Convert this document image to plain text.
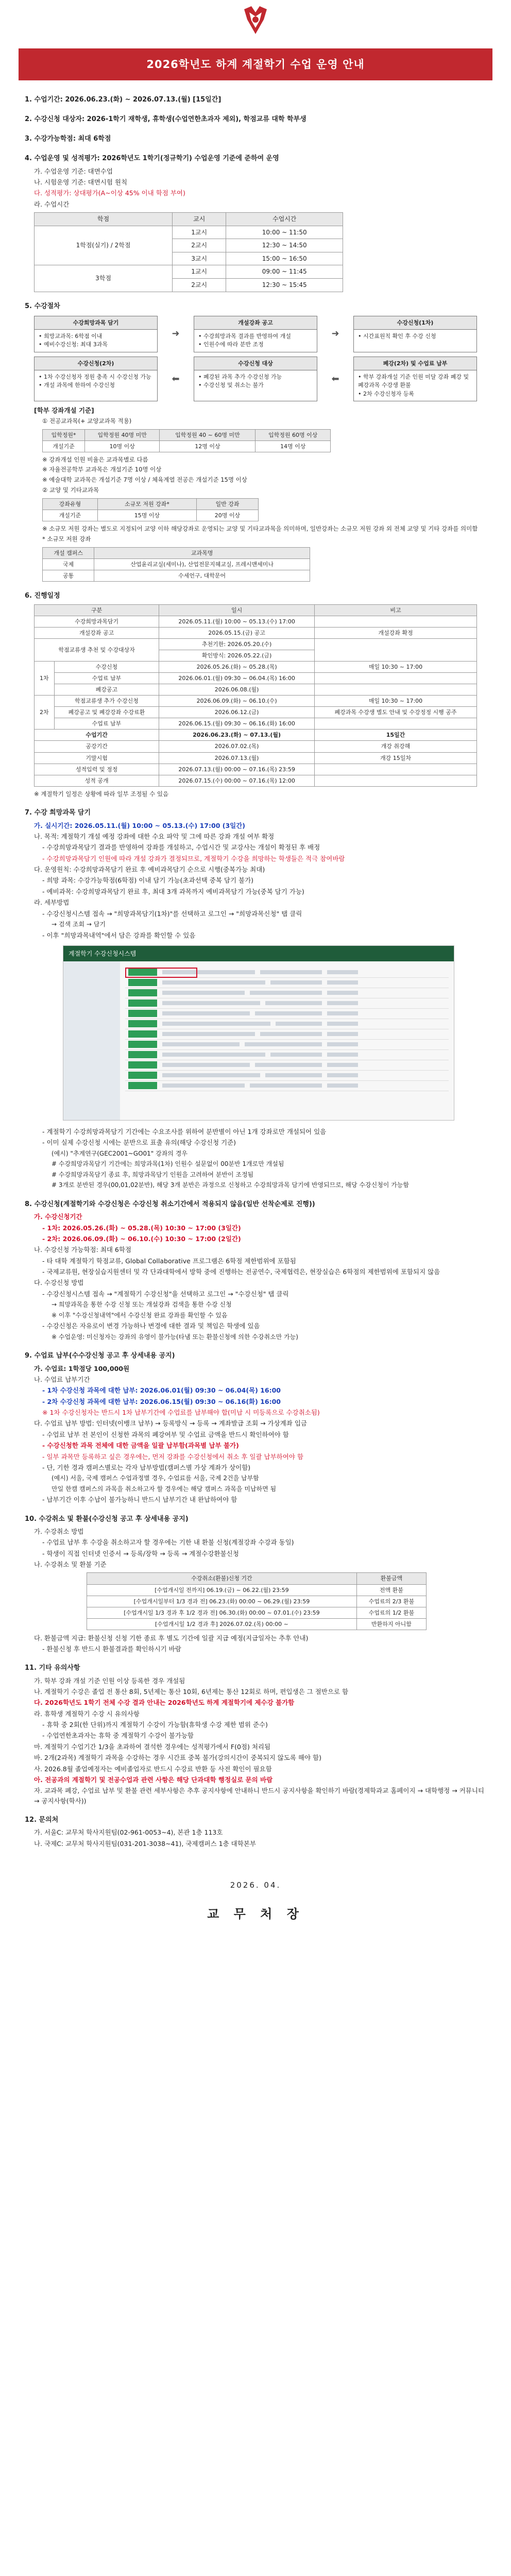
2026학년도 하계 계절학기 수업 운영 안내
1. 수업기간: 2026.06.23.(화) ~ 2026.07.13.(월) [15일간]
2. 수강신청 대상자: 2026-1학기 재학생, 휴학생(수업연한초과자 제외), 학점교류 대학 학부생
3. 수강가능학점: 최대 6학점
4. 수업운영 및 성적평가: 2026학년도 1학기(정규학기) 수업운영 기준에 준하여 운영
가. 수업운영 기준: 대면수업
나. 시험운영 기준: 대면시험 원칙
다. 성적평가: 상대평가(A~이상 45% 이내 학점 부여)
라. 수업시간
학점	교시	수업시간
1학점(실기) / 2학점	1교시	10:00 ~ 11:50
	2교시	12:30 ~ 14:50
	3교시	15:00 ~ 16:50
3학점	1교시	09:00 ~ 11:45
	2교시	12:30 ~ 15:45
5. 수강절차
수강희망과목 담기
• 희망교과목: 6학점 이내
• 예비수강신청: 최대 3과목
➜
개설강좌 공고
• 수강희망과목 결과를 반영하여 개설
• 인원수에 따라 분반 조정
➜
수강신청(1차)
• 시간표원칙 확인 후 수강 신청
수강신청(2차)
• 1차 수강신청자 정원 충족 시 수강신청 가능
• 개설 과목에 한하여 수강신청
⬅
수강신청 대상
• 폐강된 과목 추가 수강신청 가능
• 수강신청 및 취소는 불가
⬅
폐강(2차) 및 수업료 납부
• 학부 강좌개설 기준 인원 미달 강좌 폐강 및 폐강과목 수강생 환불
• 2차 수강신청자 등록
[학부 강좌개설 기준]
① 전공교과목(+ 교양교과목 적용)
입학정원*	입학정원 40명 미만	입학정원 40 ~ 60명 미만	입학정원 60명 이상
개설기준	10명 이상	12명 이상	14명 이상
※ 강좌개설 인원 비율은 교과목별로 다름
※ 자율전공학부 교과목은 개설기준 10명 이상
※ 예술대학 교과목은 개설기준 7명 이상 / 체육계열 전공은 개설기준 15명 이상
② 교양 및 기타교과목
강좌유형	소규모 저원 강좌*	일반 강좌
개설기준	15명 이상	20명 이상
※ 소규모 저원 강좌는 별도로 지정되어 교양 이하 해당강좌로 운영되는 교양 및 기타교과목을 의미하며, 일반강좌는 소규모 저원 강좌 외 전체 교양 및 기타 강좌를 의미함
* 소규모 저원 강좌
개설 캠퍼스	교과목명
국제	산업윤리교실(세미나), 산업전문지혜교실, 프레시맨세미나
공통	수세언구, 대학문어
6. 진행일정
구분		일시	비고
수강희망과목담기		2026.05.11.(월) 10:00 ~ 05.13.(수) 17:00	
개설강좌 공고		2026.05.15.(금) 공고	개설강좌 확정
학점교류생 추천 및 수강대상자		추천기한: 2026.05.20.(수)	
		확인방식: 2026.05.22.(금)	
1차	수강신청	2026.05.26.(화) ~ 05.28.(목)	매일 10:30 ~ 17:00
	수업료 납부	2026.06.01.(월) 09:30 ~ 06.04.(목) 16:00	
	폐강공고	2026.06.08.(월)	
2차	학점교류생 추가 수강신청	2026.06.09.(화) ~ 06.10.(수)	매일 10:30 ~ 17:00
	폐강공고 및 폐강강좌 수강료환	2026.06.12.(금)	폐강과목 수강생 별도 안내 및 수강정정 시행 공주
	수업료 납부	2026.06.15.(월) 09:30 ~ 06.16.(화) 16:00	
수업기간		2026.06.23.(화) ~ 07.13.(월)	15일간
공강기간		2026.07.02.(목)	개강 취강해
기말시험		2026.07.13.(월)	개강 15일차
성적입력 및 정정		2026.07.13.(월) 00:00 ~ 07.16.(목) 23:59	
성적 공개		2026.07.15.(수) 00:00 ~ 07.16.(목) 12:00	
※ 계절학기 일정은 상황에 따라 일부 조정될 수 있음
7. 수강 희망과목 담기
가. 실시기간: 2026.05.11.(월) 10:00 ~ 05.13.(수) 17:00 (3일간)
나. 목적: 계절학기 개설 예정 강좌에 대한 수요 파악 및 그에 따른 강좌 개설 여부 확정
- 수강희망과목담기 결과를 반영하여 강좌를 개설하고, 수업시간 및 교강사는 개설이 확정된 후 배정
- 수강희망과목담기 인원에 따라 개설 강좌가 결정되므로, 계절학기 수강을 희망하는 학생들은 적극 참여바람
다. 운영원칙: 수강희망과목담기 완료 후 예비과목담기 순으로 시행(중복가능 최대)
- 희망 과목: 수강가능학점(6학점) 이내 담기 가능(초과선택 중복 담기 불가)
- 예비과목: 수강희망과목담기 완료 후, 최대 3개 과목까지 예비과목담기 가능(중복 담기 가능)
라. 세부방법
- 수강신청시스템 접속 → "희망과목담기(1차)"를 선택하고 로그인 → "희망과목신청" 탭 클릭
→ 검색 조회 → 담기
- 이후 "희망과목내역"에서 담은 강좌를 확인할 수 있음
계절학기 수강신청시스템
- 계절학기 수강희망과목담기 기간에는 수요조사를 위하여 분반별이 아닌 1개 강좌로만 개설되어 있음
- 이미 실제 수강신청 시에는 분반으로 표출 유의(해당 수강신청 기준)
(예시) "추계연구(GEC2001~GO01" 강좌의 경우
# 수강희망과목담기 기간에는 희망과목(1차) 인원수 설문없이 00분반 1개로만 개설됨
# 수강희망과목담기 종료 후, 희망과목담기 인원을 고려하여 분반이 조정됨
# 3개로 분반된 경우(00,01,02분반), 해당 3개 분반은 과정으로 신청하고 수강희망과목 담기에 반영되므로, 해당 수강신청이 가능함
8. 수강신청(계절학기와 수강신청은 수강신청 취소기간에서 적용되지 않음(일반 선착순제로 진행))
가. 수강신청기간
- 1차: 2026.05.26.(화) ~ 05.28.(목) 10:30 ~ 17:00 (3일간)
- 2차: 2026.06.09.(화) ~ 06.10.(수) 10:30 ~ 17:00 (2일간)
나. 수강신청 가능학점: 최대 6학점
- 타 대학 계절학기 학점교류, Global Collaborative 프로그램은 6학점 제한범위에 포함됨
- 국제교류원, 현장실습지원센터 및 각 단과대학에서 방학 중에 진행하는 전공연수, 국제협력은, 현장실습은 6학점의 제한범위에 포함되지 않음
다. 수강신청 방법
- 수강신청시스템 접속 → "계절학기 수강신청"을 선택하고 로그인 → "수강신청" 탭 클릭
→ 희망과목을 통한 수강 신청 또는 개설강좌 검색을 통한 수강 신청
※ 이후 "수강신청내역"에서 수강신청 완료 강좌를 확인할 수 있음
- 수강신청은 자유로이 변경 가능하나 변경에 대한 결과 및 책임은 학생에 있음
※ 수업운영: 미신청자는 강좌의 유영이 불가능(타냄 또는 환불신청에 의한 수강취소만 가능)
9. 수업료 납부(수수강신청 공고 후 상세내용 공지)
가. 수업료: 1학점당 100,000원
나. 수업료 납부기간
- 1차 수강신청 과목에 대한 납부: 2026.06.01(월) 09:30 ~ 06.04(목) 16:00
- 2차 수강신청 과목에 대한 납부: 2026.06.15(월) 09:30 ~ 06.16(화) 16:00
※ 1차 수강신청자는 반드시 1차 납부기간에 수업료를 납부해야 합(미납 시 미등록으로 수강취소됨)
다. 수업료 납부 방법: 인터넷(이뱅크 납부) → 등록방식 → 등록 → 계좌발급 조회 → 가상계좌 입금
- 수업료 납부 전 본인이 신청한 과목의 폐강여부 및 수업료 금액을 반드시 확인하여야 함
- 수강신청한 과목 전체에 대한 금액을 일괄 납부함(과목별 납부 불가)
- 일부 과목만 등록하고 싶은 경우에는, 먼저 강좌를 수강신청에서 취소 후 일괄 납부하여야 함
- 단, 기한 경과 캠퍼스별로는 각자 납부방법(캠퍼스별 가상 계좌가 상이함)
(예시) 서울, 국제 캠퍼스 수업과정별 경우, 수업료를 서울, 국제 2건을 납부함
만일 한캠 캠퍼스의 과목을 취소하고자 할 경우에는 해당 캠퍼스 과목을 미납하면 됨
- 납부기간 이후 수납이 불가능하니 반드시 납부기간 내 완납하여야 함
10. 수강취소 및 환불(수강신청 공고 후 상세내용 공지)
가. 수강취소 방법
- 수업료 납부 후 수강을 취소하고자 할 경우에는 기한 내 환불 신청(계절강좌 수강과 동일)
- 학생이 직접 인터넷 인증서 → 등록/장학 → 등록 → 계절수강환불신청
나. 수강취소 및 환불 기준
수강취소(환불)신청 기간	환불금액
[수업개시일 전까지] 06.19.(금) ~ 06.22.(월) 23:59	전액 환불
[수업개시일부터 1/3 경과 전] 06.23.(화) 00:00 ~ 06.29.(월) 23:59	수업료의 2/3 환불
[수업개시일 1/3 경과 후 1/2 경과 전] 06.30.(화) 00:00 ~ 07.01.(수) 23:59	수업료의 1/2 환불
[수업개시일 1/2 경과 후] 2026.07.02.(목) 00:00 ~	반환하지 아니함
다. 환불금액 지급: 환불신청 신청 기한 종료 후 별도 기간에 일괄 지급 예정(지급일자는 추후 안내)
- 환불신청 후 반드시 환불결과를 확인하시기 바람
11. 기타 유의사항
가. 학부 강좌 개설 기준 인원 이상 등록한 경우 개설됨
나. 계절학기 수강은 졸업 전 통산 8회, 5년제는 통산 10회, 6년제는 통산 12회로 하며, 편입생은 그 절반으로 함
다. 2026학년도 1학기 전체 수강 결과 안내는 2026학년도 하계 계절학기에 제수강 불가함
라. 휴학생 계절학기 수강 시 유의사항
- 휴학 중 2회(한 단위)까지 계절학기 수강이 가능함(휴학생 수강 제한 범위 준수)
- 수업연한초과자는 휴학 중 계절학기 수강이 불가능함
마. 계절학기 수업기간 1/3을 초과하여 결석한 경우에는 성적평가에서 F(0점) 처리됨
바. 2개(2과목) 계절학기 과목을 수강하는 경우 시간표 중복 불가(강의시간이 중복되지 않도록 해야 함)
사. 2026.8월 졸업예정자는 예비졸업자로 반드시 수강료 반환 등 사전 확인이 필요함
아. 전공과의 계절학기 및 전공수업과 관련 사항은 해당 단과대학 행정실로 문의 바람
자. 교과목 폐강, 수업료 납부 및 환불 관련 세부사항은 추후 공지사항에 안내하니 반드시 공지사항을 확인하기 바람(경제학과교 홈페이지 → 대학행정 → 커뮤니티 → 공지사항(학사))
12. 문의처
가. 서울C: 교무처 학사지원팀(02-961-0053~4), 본관 1층 113호
나. 국제C: 교무처 학사지원팀(031-201-3038~41), 국제캠퍼스 1층 대학본부
2026. 04.
교 무 처 장
